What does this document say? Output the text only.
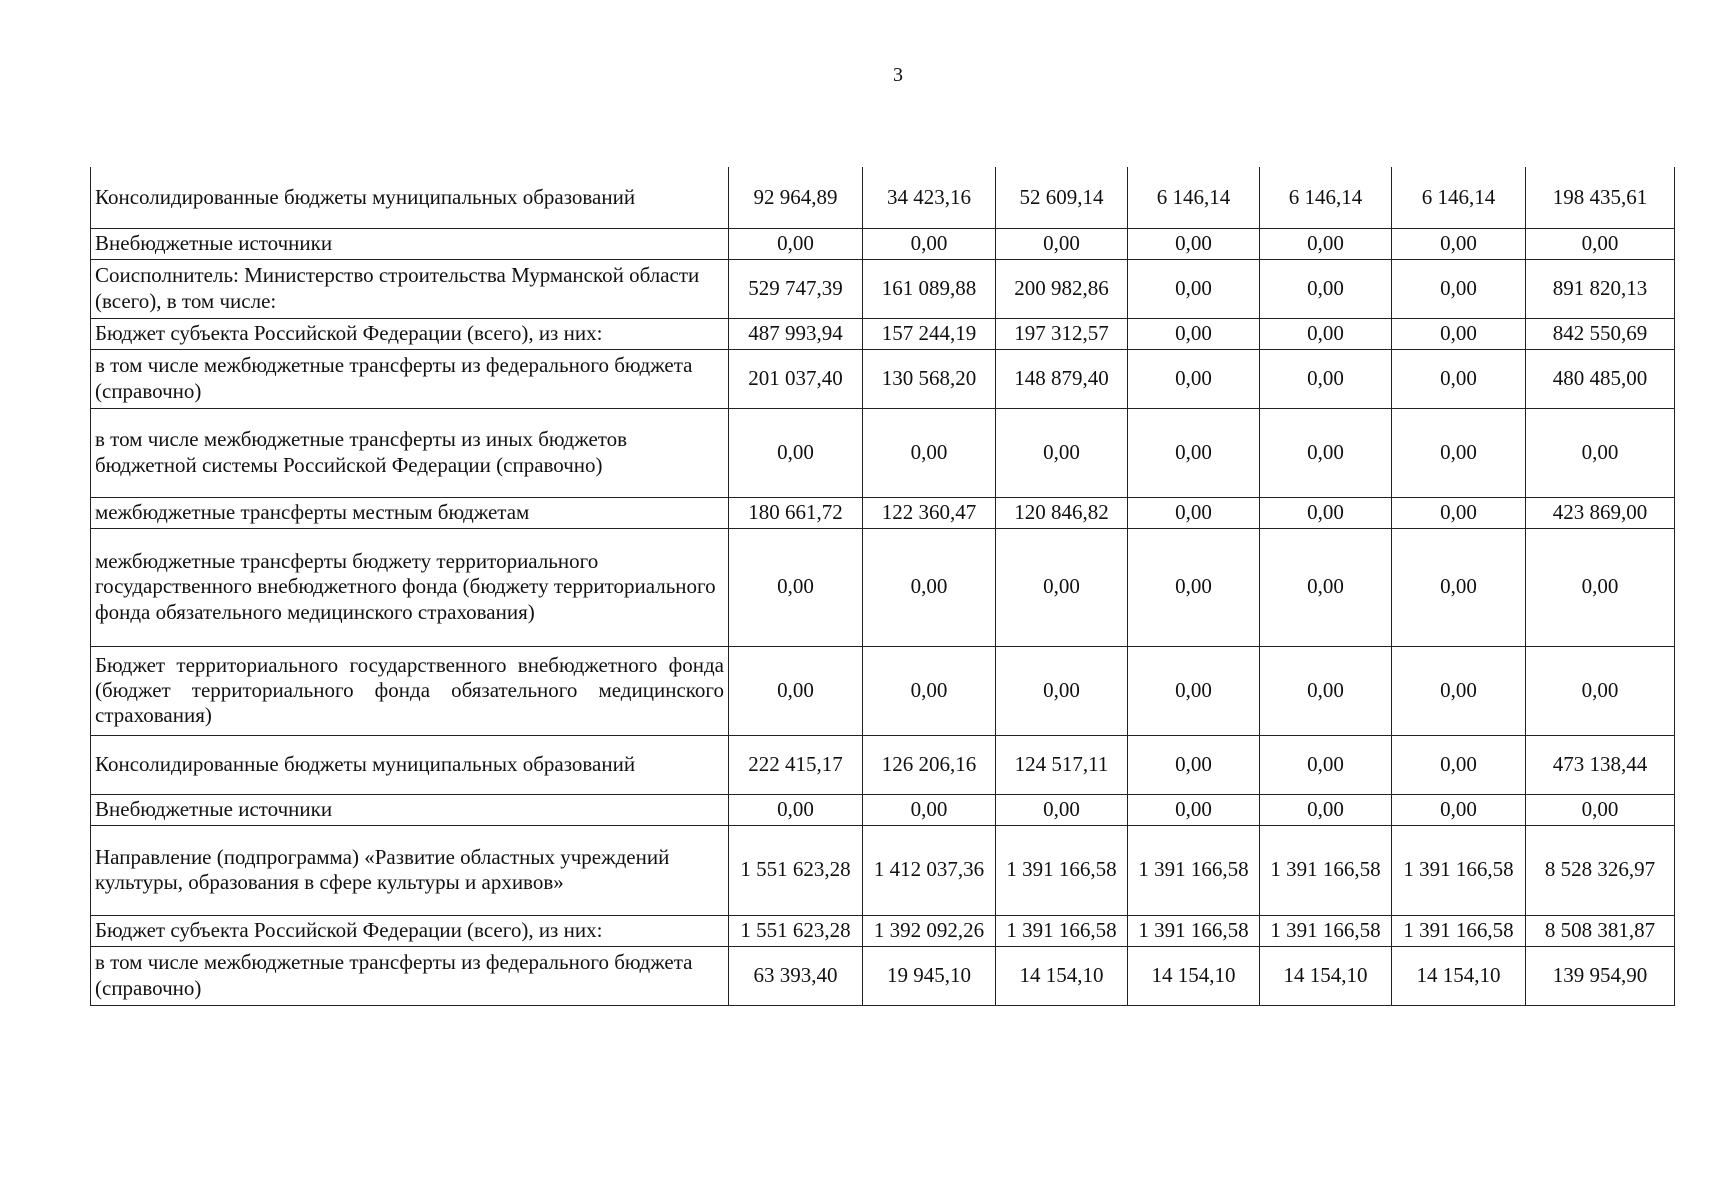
3
Консолидированные бюджеты муниципальных образований	92 964,89	34 423,16	52 609,14	6 146,14	6 146,14	6 146,14	198 435,61
Внебюджетные источники	0,00	0,00	0,00	0,00	0,00	0,00	0,00
Соисполнитель: Министерство строительства Мурманской области (всего), в том числе:	529 747,39	161 089,88	200 982,86	0,00	0,00	0,00	891 820,13
Бюджет субъекта Российской Федерации (всего), из них:	487 993,94	157 244,19	197 312,57	0,00	0,00	0,00	842 550,69
в том числе межбюджетные трансферты из федерального бюджета (справочно)	201 037,40	130 568,20	148 879,40	0,00	0,00	0,00	480 485,00
в том числе межбюджетные трансферты из иных бюджетов бюджетной системы Российской Федерации (справочно)	0,00	0,00	0,00	0,00	0,00	0,00	0,00
межбюджетные трансферты местным бюджетам	180 661,72	122 360,47	120 846,82	0,00	0,00	0,00	423 869,00
межбюджетные трансферты бюджету территориального государственного внебюджетного фонда (бюджету территориального фонда обязательного медицинского страхования)	0,00	0,00	0,00	0,00	0,00	0,00	0,00
Бюджет территориального государственного внебюджетного фонда (бюджет территориального фонда обязательного медицинского страхования)	0,00	0,00	0,00	0,00	0,00	0,00	0,00
Консолидированные бюджеты муниципальных образований	222 415,17	126 206,16	124 517,11	0,00	0,00	0,00	473 138,44
Внебюджетные источники	0,00	0,00	0,00	0,00	0,00	0,00	0,00
Направление (подпрограмма) «Развитие областных учреждений культуры, образования в сфере культуры и архивов»	1 551 623,28	1 412 037,36	1 391 166,58	1 391 166,58	1 391 166,58	1 391 166,58	8 528 326,97
Бюджет субъекта Российской Федерации (всего), из них:	1 551 623,28	1 392 092,26	1 391 166,58	1 391 166,58	1 391 166,58	1 391 166,58	8 508 381,87
в том числе межбюджетные трансферты из федерального бюджета (справочно)	63 393,40	19 945,10	14 154,10	14 154,10	14 154,10	14 154,10	139 954,90
